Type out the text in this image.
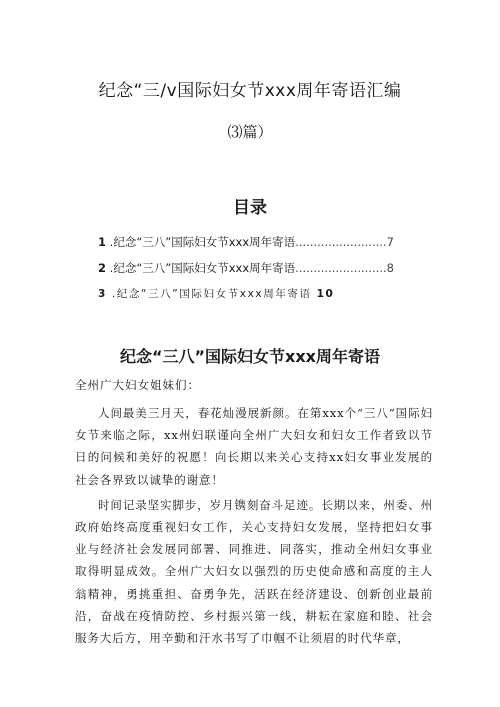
纪念“三/v国际妇女节xxx周年寄语汇编
⑶篇）
目录
1 .纪念“三八”国际妇女节xxx周年寄语.........................7
2 .纪念“三八”国际妇女节xxx周年寄语.........................8
3 .纪念“三八”国际妇女节xxx周年寄语 10
纪念“三八”国际妇女节xxx周年寄语

全州广大妇女姐妹们：

人间最美三月天，春花灿漫展新颜。在第xxx个“三八”国际妇女节来临之际，xx州妇联谨向全州广大妇女和妇女工作者致以节日的问候和美好的祝愿！向长期以来关心支持xx妇女事业发展的社会各界致以诚挚的谢意！

时间记录坚实脚步，岁月镌刻奋斗足迹。长期以来，州委、州政府始终高度重视妇女工作，关心支持妇女发展，坚持把妇女事业与经济社会发展同部署、同推进、同落实，推动全州妇女事业取得明显成效。全州广大妇女以强烈的历史使命感和高度的主人翁精神，勇挑重担、奋勇争先，活跃在经济建设、创新创业最前沿，奋战在疫情防控、乡村振兴第一线，耕耘在家庭和睦、社会服务大后方，用辛勤和汗水书写了巾帼不让须眉的时代华章，
